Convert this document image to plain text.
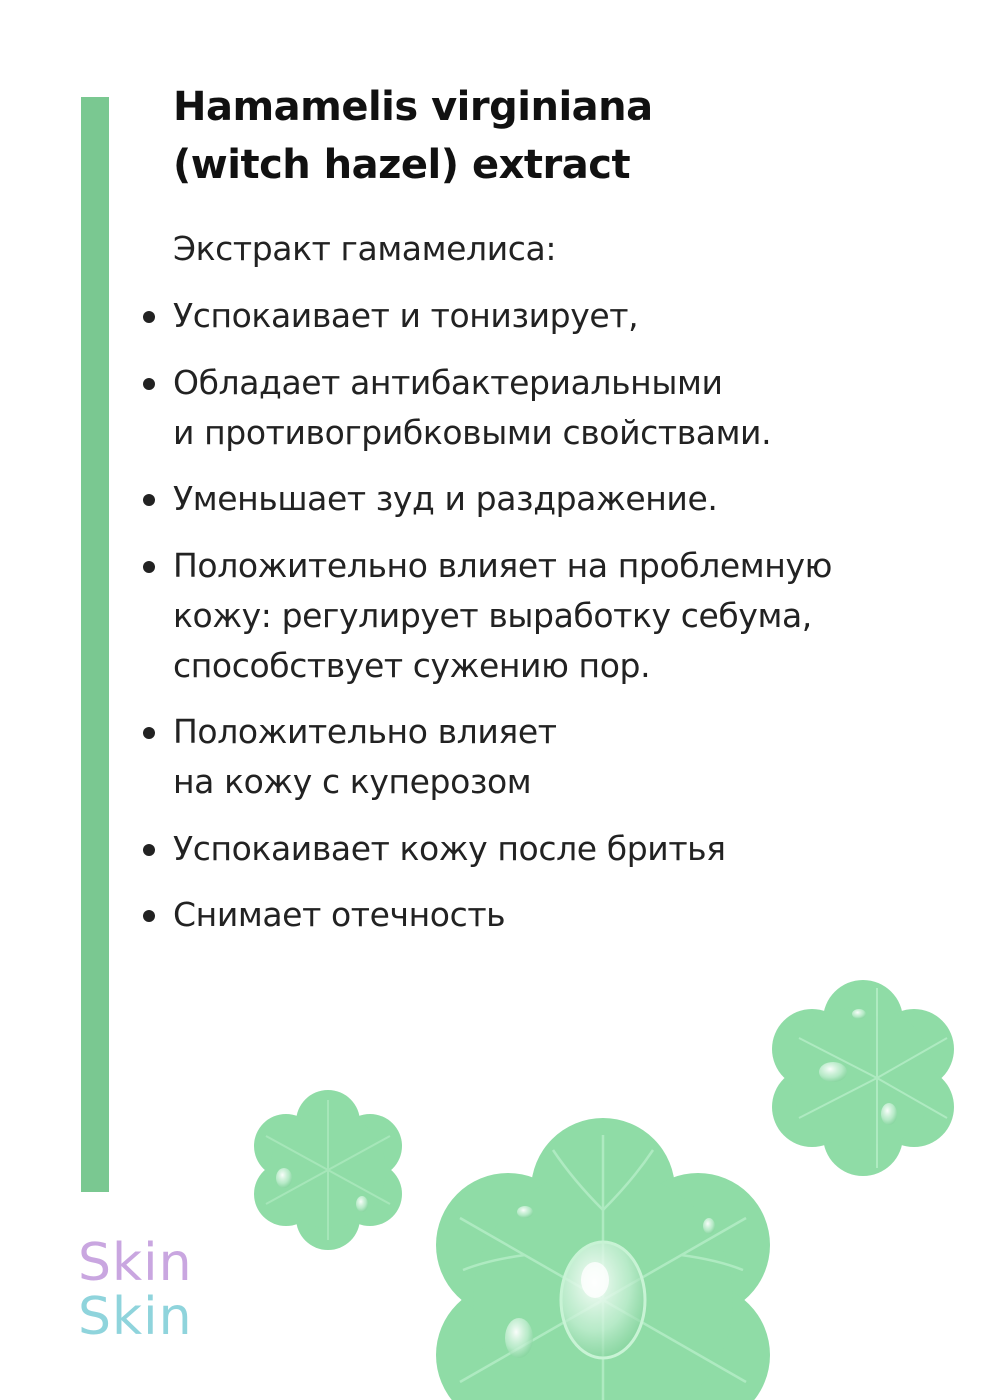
Hamamelis virginiana
(witch hazel) extract

Экстракт гамамелиса:

Успокаивает и тонизирует,
Обладает антибактериальными
и противогрибковыми свойствами.
Уменьшает зуд и раздражение.
Положительно влияет на проблемную
кожу: регулирует выработку себума,
способствует сужению пор.
Положительно влияет
на кожу с куперозом
Успокаивает кожу после бритья
Снимает отечность
Skin
Skin
